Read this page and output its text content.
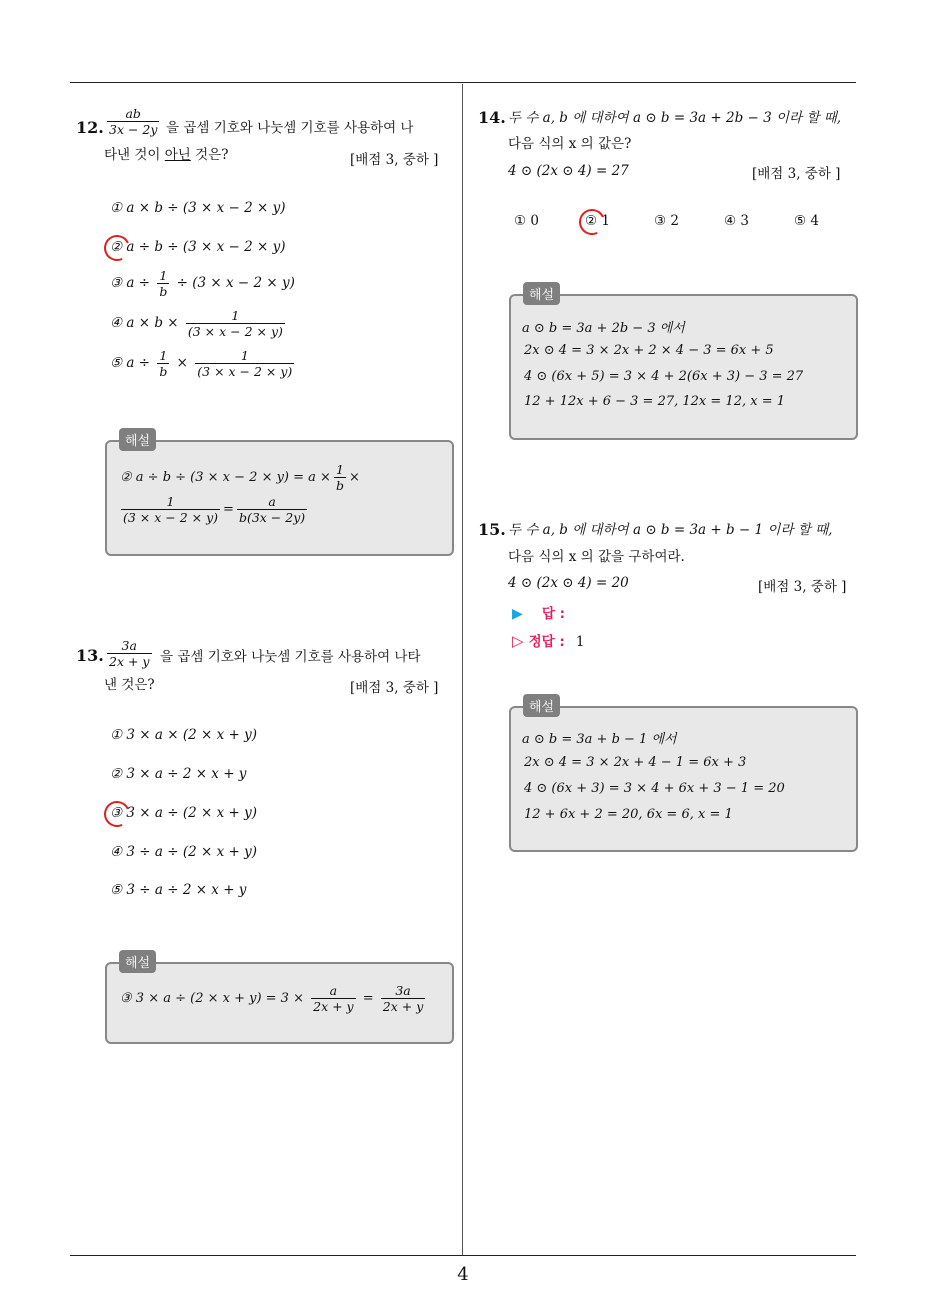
4
12. $\frac{ab}{3x - 2y}$ 을 곱셈 기호와 나눗셈 기호를 사용하여 나
타낸 것이 아닌 것은?	[배점 3, 중하 ]
① a × b ÷ (3 × x − 2 × y)
② a ÷ b ÷ (3 × x − 2 × y)
③ $a \div \frac{1}{b} \div (3 \times x - 2 \times y)$
④ $a \times b \times \frac{1}{(3 \times x - 2 \times y)}$
⑤ $a \div \frac{1}{b} \times \frac{1}{(3 \times x - 2 \times y)}$
해설
② $a \div b \div (3 \times x - 2 \times y) = a \times \frac{1}{b}$ ×
$\frac{1}{(3 \times x - 2 \times y)} = \frac{a}{b(3x - 2y)}$
13. $\frac{3a}{2x + y}$ 을 곱셈 기호와 나눗셈 기호를 사용하여 나타
낸 것은?	[배점 3, 중하 ]
① 3 × a × (2 × x + y)
② 3 × a ÷ 2 × x + y
③ 3 × a ÷ (2 × x + y)
④ 3 ÷ a ÷ (2 × x + y)
⑤ 3 ÷ a ÷ 2 × x + y
해설
③ $3 \times a \div (2 \times x + y) = 3 \times \frac{a}{2x + y} = \frac{3a}{2x + y}$
14. 두 수 a, b 에 대하여 a ⊙ b = 3a + 2b − 3 이라 할 때,
다음 식의 x 의 값은?
4 ⊙ (2x ⊙ 4) = 27	[배점 3, 중하 ]
① 0	② 1	③ 2	④ 3	⑤ 4
해설
a ⊙ b = 3a + 2b − 3 에서
2x ⊙ 4 = 3 × 2x + 2 × 4 − 3 = 6x + 5
4 ⊙ (6x + 5) = 3 × 4 + 2(6x + 3) − 3 = 27
12 + 12x + 6 − 3 = 27, 12x = 12, x = 1
15. 두 수 a, b 에 대하여 a ⊙ b = 3a + b − 1 이라 할 때,
다음 식의 x 의 값을 구하여라.
4 ⊙ (2x ⊙ 4) = 20	[배점 3, 중하 ]
▶ 답 :
▷ 정답 : 1
해설
a ⊙ b = 3a + b − 1 에서
2x ⊙ 4 = 3 × 2x + 4 − 1 = 6x + 3
4 ⊙ (6x + 3) = 3 × 4 + 6x + 3 − 1 = 20
12 + 6x + 2 = 20, 6x = 6, x = 1
